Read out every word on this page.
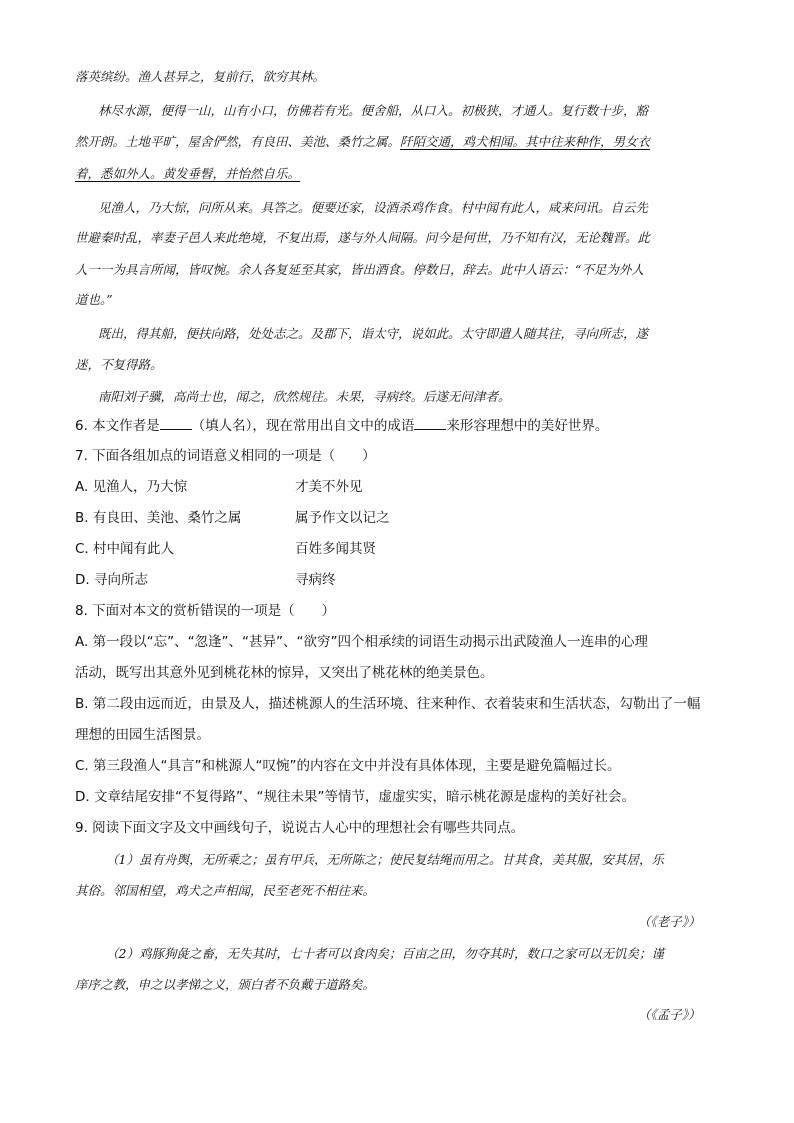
落英缤纷。渔人甚异之，复前行，欲穷其林。
林尽水源，便得一山，山有小口，仿佛若有光。便舍船，从口入。初极狭，才通人。复行数十步，豁
然开朗。土地平旷，屋舍俨然，有良田、美池、桑竹之属。阡陌交通，鸡犬相闻。其中往来种作，男女衣
着，悉如外人。黄发垂髫，并怡然自乐。
见渔人，乃大惊，问所从来。具答之。便要还家，设酒杀鸡作食。村中闻有此人，咸来问讯。自云先
世避秦时乱，率妻子邑人来此绝境，不复出焉，遂与外人间隔。问今是何世，乃不知有汉，无论魏晋。此
人一一为具言所闻，皆叹惋。余人各复延至其家，皆出酒食。停数日，辞去。此中人语云：“不足为外人
道也。”
既出，得其船，便扶向路，处处志之。及郡下，诣太守，说如此。太守即遣人随其往，寻向所志，遂
迷，不复得路。
南阳刘子骥，高尚士也，闻之，欣然规往。未果，寻病终。后遂无问津者。
6. 本文作者是 （填人名），现在常用出自文中的成语 来形容理想中的美好世界。
7. 下面各组加点的词语意义相同的一项是（　　）
A. 见渔人，乃大惊	才美不外见
B. 有良田、美池、桑竹之属	属予作文以记之
C. 村中闻有此人	百姓多闻其贤
D. 寻向所志	寻病终
8. 下面对本文的赏析错误的一项是（　　）
A. 第一段以“忘”、“忽逢”、“甚异”、“欲穷”四个相承续的词语生动揭示出武陵渔人一连串的心理
活动，既写出其意外见到桃花林的惊异，又突出了桃花林的绝美景色。
B. 第二段由远而近，由景及人，描述桃源人的生活环境、往来种作、衣着装束和生活状态，勾勒出了一幅
理想的田园生活图景。
C. 第三段渔人“具言”和桃源人“叹惋”的内容在文中并没有具体体现，主要是避免篇幅过长。
D. 文章结尾安排“不复得路”、“规往未果”等情节，虚虚实实，暗示桃花源是虚构的美好社会。
9. 阅读下面文字及文中画线句子，说说古人心中的理想社会有哪些共同点。
（1）虽有舟舆，无所乘之；虽有甲兵，无所陈之；使民复结绳而用之。甘其食，美其服，安其居，乐
其俗。邻国相望，鸡犬之声相闻，民至老死不相往来。
（《老子》）
（2）鸡豚狗彘之畜，无失其时，七十者可以食肉矣；百亩之田，勿夺其时，数口之家可以无饥矣；谨
庠序之教，申之以孝悌之义，颁白者不负戴于道路矣。
（《孟子》）
